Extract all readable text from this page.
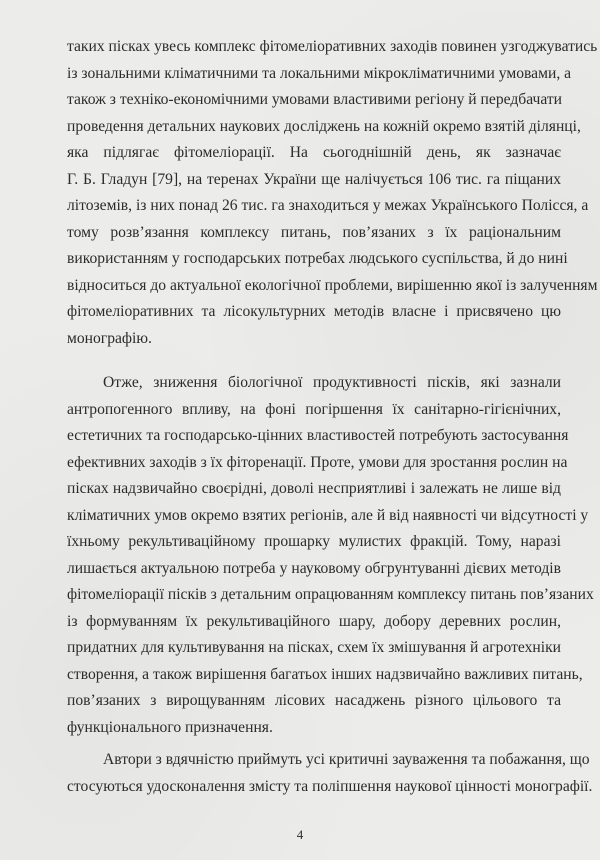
таких пісках увесь комплекс фітомеліоративних заходів повинен узгоджуватись
із зональними кліматичними та локальними мікрокліматичними умовами, а
також з техніко-економічними умовами властивими регіону й передбачати
проведення детальних наукових досліджень на кожній окремо взятій ділянці,
яка підлягає фітомеліорації. На сьогоднішній день, як зазначає
Г. Б. Гладун [79], на теренах України ще налічується 106 тис. га піщаних
літоземів, із них понад 26 тис. га знаходиться у межах Українського Полісся, а
тому розв’язання комплексу питань, пов’язаних з їх раціональним
використанням у господарських потребах людського суспільства, й до нині
відноситься до актуальної екологічної проблеми, вирішенню якої із залученням
фітомеліоративних та лісокультурних методів власне і присвячено цю
монографію.

Отже, зниження біологічної продуктивності пісків, які зазнали
антропогенного впливу, на фоні погіршення їх санітарно-гігієнічних,
естетичних та господарсько-цінних властивостей потребують застосування
ефективних заходів з їх фіторенації. Проте, умови для зростання рослин на
пісках надзвичайно своєрідні, доволі несприятливі і залежать не лише від
кліматичних умов окремо взятих регіонів, але й від наявності чи відсутності у
їхньому рекультиваційному прошарку мулистих фракцій. Тому, наразі
лишається актуальною потреба у науковому обгрунтуванні дієвих методів
фітомеліорації пісків з детальним опрацюванням комплексу питань пов’язаних
із формуванням їх рекультиваційного шару, добору деревних рослин,
придатних для культивування на пісках, схем їх змішування й агротехніки
створення, а також вирішення багатьох інших надзвичайно важливих питань,
пов’язаних з вирощуванням лісових насаджень різного цільового та
функціонального призначення.

Автори з вдячністю приймуть усі критичні зауваження та побажання, що
стосуються удосконалення змісту та поліпшення наукової цінності монографії.

4
